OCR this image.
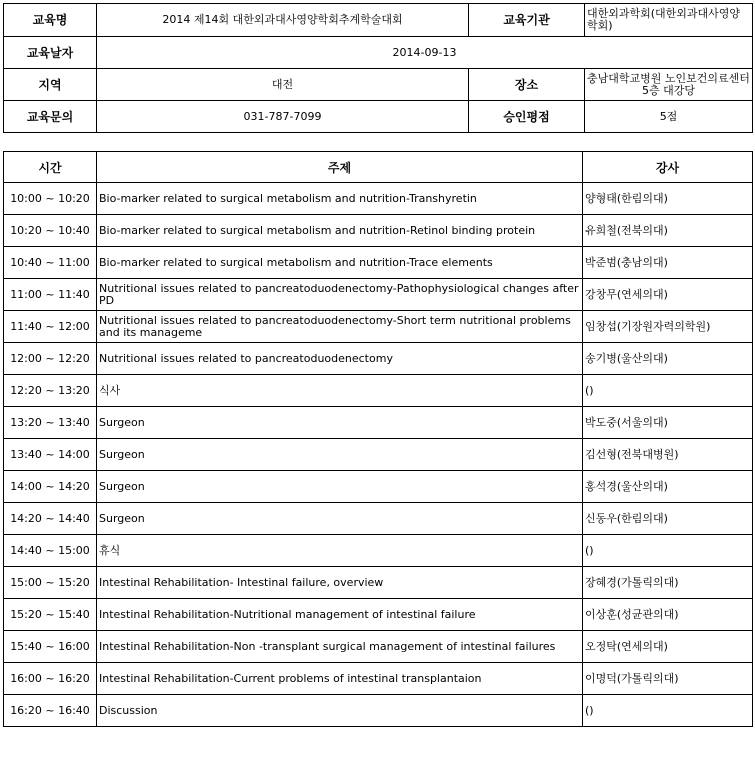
교육명	2014 제14회 대한외과대사영양학회추계학술대회	교육기관	대한외과학회(대한외과대사영양학회)
교육날자	2014-09-13		
지역	대전	장소	충남대학교병원 노인보건의료센터 5층 대강당
교육문의	031-787-7099	승인평점	5점
시간	주제	강사
10:00 ~ 10:20	Bio-marker related to surgical metabolism and nutrition-Transhyretin	양형태(한림의대)
10:20 ~ 10:40	Bio-marker related to surgical metabolism and nutrition-Retinol binding protein	유희철(전북의대)
10:40 ~ 11:00	Bio-marker related to surgical metabolism and nutrition-Trace elements	박준범(충남의대)
11:00 ~ 11:40	Nutritional issues related to pancreatoduodenectomy-Pathophysiological changes after PD	강창무(연세의대)
11:40 ~ 12:00	Nutritional issues related to pancreatoduodenectomy-Short term nutritional problems and its manageme	임창섭(기장원자력의학원)
12:00 ~ 12:20	Nutritional issues related to pancreatoduodenectomy	송기병(울산의대)
12:20 ~ 13:20	식사	()
13:20 ~ 13:40	Surgeon	박도중(서울의대)
13:40 ~ 14:00	Surgeon	김선형(전북대병원)
14:00 ~ 14:20	Surgeon	홍석경(울산의대)
14:20 ~ 14:40	Surgeon	신동우(한림의대)
14:40 ~ 15:00	휴식	()
15:00 ~ 15:20	Intestinal Rehabilitation- Intestinal failure, overview	장혜경(가톨릭의대)
15:20 ~ 15:40	Intestinal Rehabilitation-Nutritional management of intestinal failure	이상훈(성균관의대)
15:40 ~ 16:00	Intestinal Rehabilitation-Non -transplant surgical management of intestinal failures	오정탁(연세의대)
16:00 ~ 16:20	Intestinal Rehabilitation-Current problems of intestinal transplantaion	이명덕(가톨릭의대)
16:20 ~ 16:40	Discussion	()
